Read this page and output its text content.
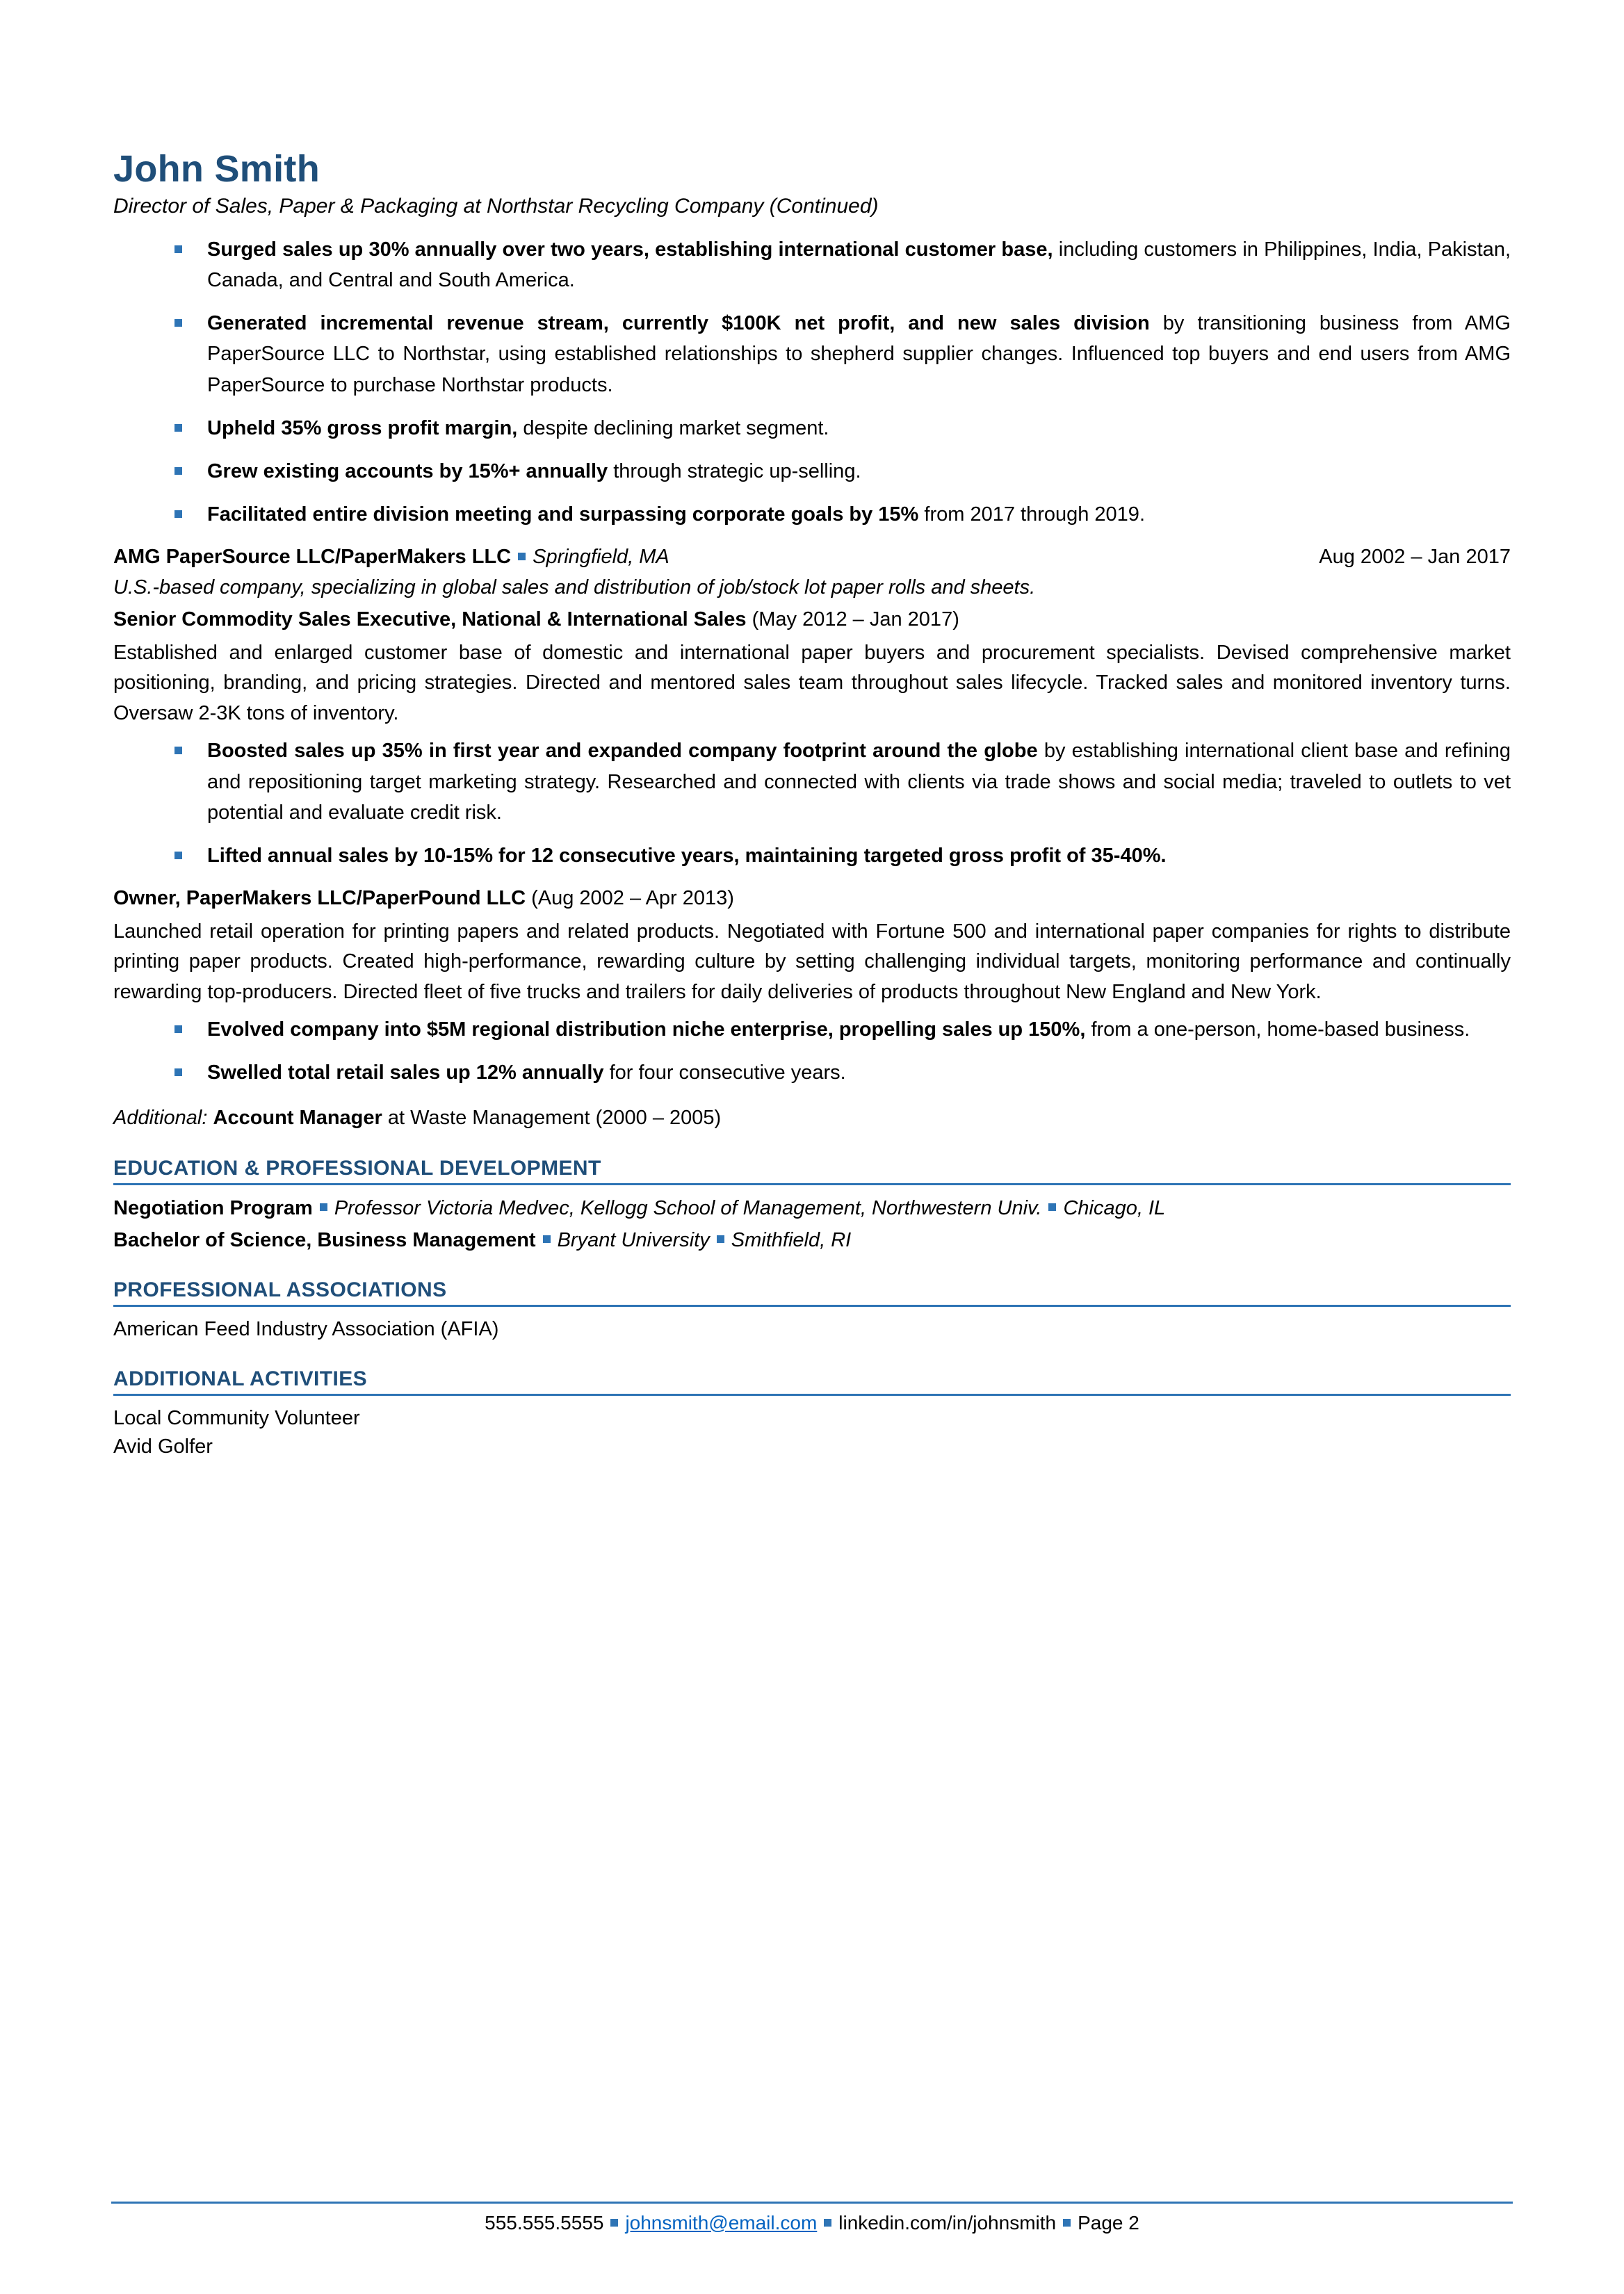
John Smith
Director of Sales, Paper & Packaging at Northstar Recycling Company (Continued)
Surged sales up 30% annually over two years, establishing international customer base, including customers in Philippines, India, Pakistan, Canada, and Central and South America.
Generated incremental revenue stream, currently $100K net profit, and new sales division by transitioning business from AMG PaperSource LLC to Northstar, using established relationships to shepherd supplier changes. Influenced top buyers and end users from AMG PaperSource to purchase Northstar products.
Upheld 35% gross profit margin, despite declining market segment.
Grew existing accounts by 15%+ annually through strategic up-selling.
Facilitated entire division meeting and surpassing corporate goals by 15% from 2017 through 2019.
AMG PaperSource LLC/PaperMakers LLC Springfield, MA	Aug 2002 – Jan 2017
U.S.-based company, specializing in global sales and distribution of job/stock lot paper rolls and sheets.
Senior Commodity Sales Executive, National & International Sales (May 2012 – Jan 2017)

Established and enlarged customer base of domestic and international paper buyers and procurement specialists. Devised comprehensive market positioning, branding, and pricing strategies. Directed and mentored sales team throughout sales lifecycle. Tracked sales and monitored inventory turns. Oversaw 2-3K tons of inventory.

Boosted sales up 35% in first year and expanded company footprint around the globe by establishing international client base and refining and repositioning target marketing strategy. Researched and connected with clients via trade shows and social media; traveled to outlets to vet potential and evaluate credit risk.
Lifted annual sales by 10-15% for 12 consecutive years, maintaining targeted gross profit of 35-40%.
Owner, PaperMakers LLC/PaperPound LLC (Aug 2002 – Apr 2013)

Launched retail operation for printing papers and related products. Negotiated with Fortune 500 and international paper companies for rights to distribute printing paper products. Created high-performance, rewarding culture by setting challenging individual targets, monitoring performance and continually rewarding top-producers. Directed fleet of five trucks and trailers for daily deliveries of products throughout New England and New York.

Evolved company into $5M regional distribution niche enterprise, propelling sales up 150%, from a one-person, home-based business.
Swelled total retail sales up 12% annually for four consecutive years.
Additional: Account Manager at Waste Management (2000 – 2005)
EDUCATION & PROFESSIONAL DEVELOPMENT
Negotiation Program Professor Victoria Medvec, Kellogg School of Management, Northwestern Univ. Chicago, IL
Bachelor of Science, Business Management Bryant University Smithfield, RI
PROFESSIONAL ASSOCIATIONS
American Feed Industry Association (AFIA)
ADDITIONAL ACTIVITIES
Local Community Volunteer
Avid Golfer
555.555.5555 johnsmith@email.com linkedin.com/in/johnsmith Page 2
